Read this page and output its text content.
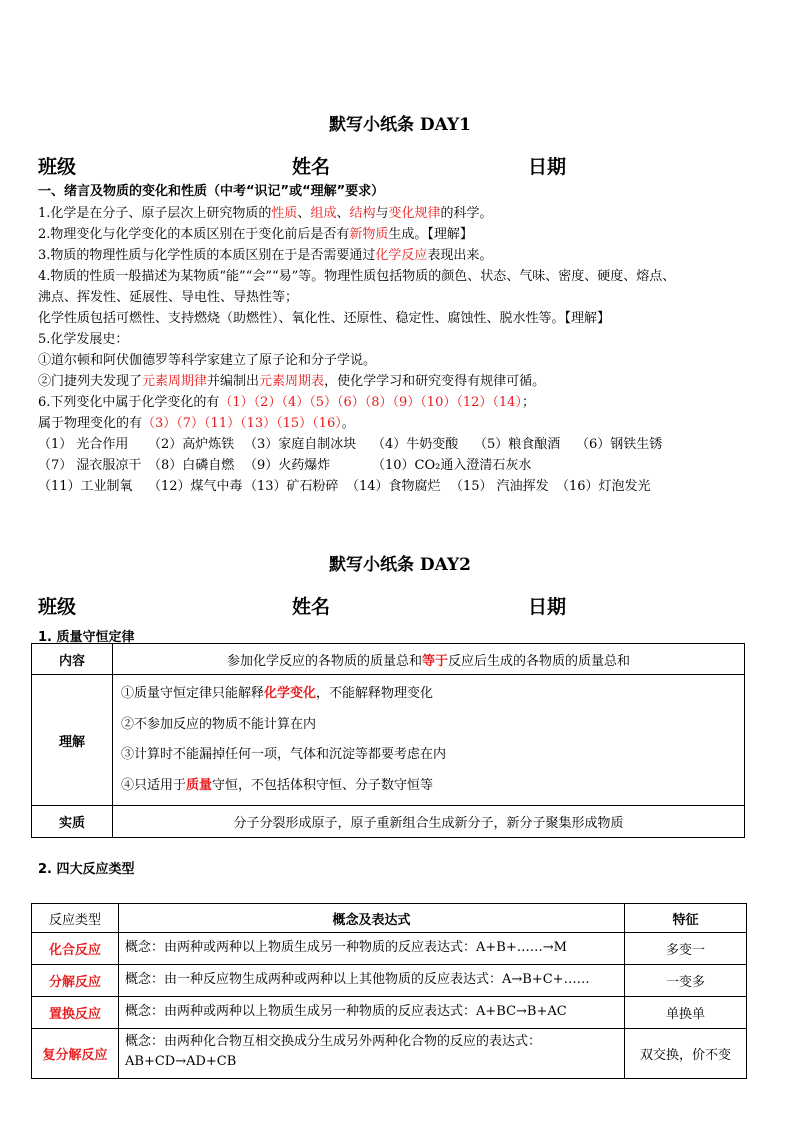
默写小纸条 DAY1
班级	姓名	日期
一、绪言及物质的变化和性质（中考“识记”或“理解”要求）
1.化学是在分子、原子层次上研究物质的性质、组成、结构与变化规律的科学。
2.物理变化与化学变化的本质区别在于变化前后是否有新物质生成。【理解】
3.物质的物理性质与化学性质的本质区别在于是否需要通过化学反应表现出来。
4.物质的性质一般描述为某物质“能”“会”“易”等。物理性质包括物质的颜色、状态、气味、密度、硬度、熔点、
沸点、挥发性、延展性、导电性、导热性等；
化学性质包括可燃性、支持燃烧（助燃性）、氧化性、还原性、稳定性、腐蚀性、脱水性等。【理解】
5.化学发展史：
①道尔顿和阿伏伽德罗等科学家建立了原子论和分子学说。
②门捷列夫发现了元素周期律并编制出元素周期表，使化学学习和研究变得有规律可循。
6.下列变化中属于化学变化的有（1）（2）（4）（5）（6）（8）（9）（10）（12）（14）；
属于物理变化的有（3）（7）（11）（13）（15）（16）。
（1） 光合作用 （2）高炉炼铁 （3）家庭自制冰块 （4）牛奶变酸 （5）粮食酿酒 （6）钢铁生锈
（7） 湿衣服凉干 （8）白磷自燃 （9）火药爆炸	（10）CO₂通入澄清石灰水
（11）工业制氧 （12）煤气中毒（13）矿石粉碎 （14）食物腐烂 （15） 汽油挥发 （16）灯泡发光
默写小纸条 DAY2
班级	姓名	日期
1. 质量守恒定律
内容	参加化学反应的各物质的质量总和等于反应后生成的各物质的质量总和
理解	①质量守恒定律只能解释化学变化，不能解释物理变化
②不参加反应的物质不能计算在内
③计算时不能漏掉任何一项，气体和沉淀等都要考虑在内
④只适用于质量守恒，不包括体积守恒、分子数守恒等

实质	分子分裂形成原子，原子重新组合生成新分子，新分子聚集形成物质
2. 四大反应类型
反应类型	概念及表达式	特征
化合反应	概念：由两种或两种以上物质生成另一种物质的反应表达式：A+B+……→M	多变一
分解反应	概念：由一种反应物生成两种或两种以上其他物质的反应表达式：A→B+C+……	一变多
置换反应	概念：由两种或两种以上物质生成另一种物质的反应表达式：A+BC→B+AC	单换单
复分解反应	概念：由两种化合物互相交换成分生成另外两种化合物的反应的表达式：
AB+CD→AD+CB	双交换，价不变
